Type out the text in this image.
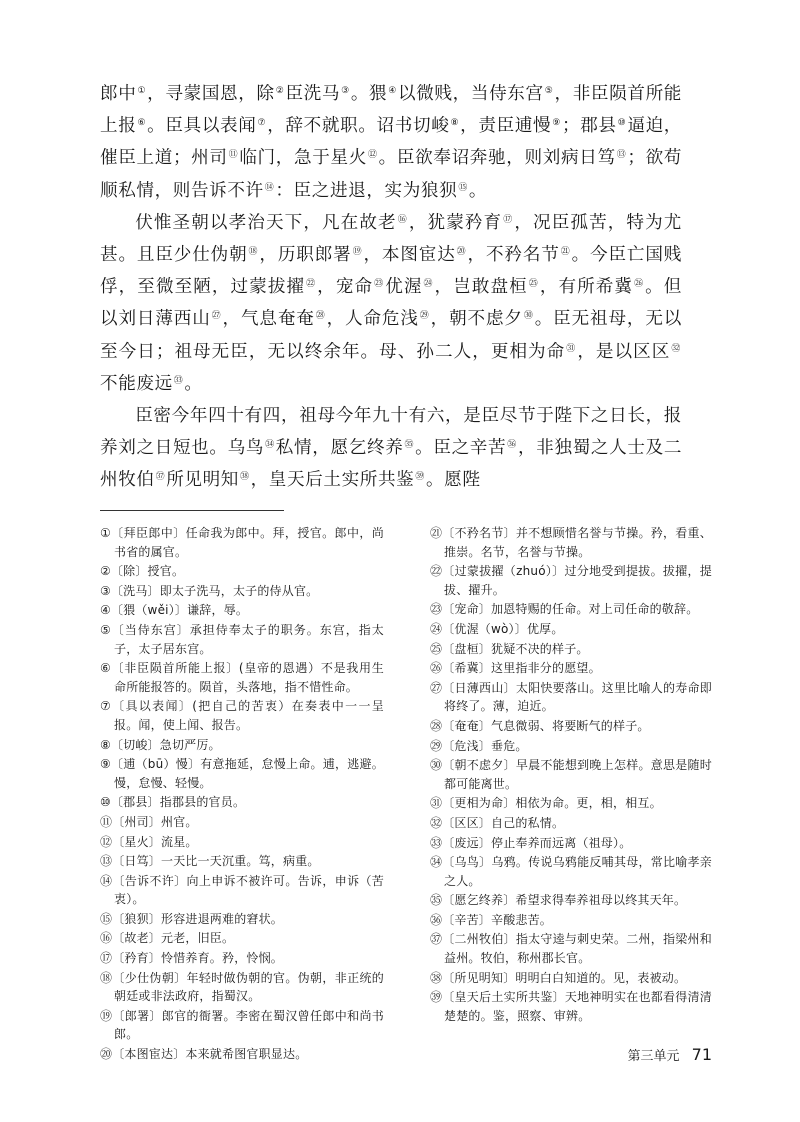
郎中①，寻蒙国恩，除②臣洗马③。猥④以微贱，当侍东宫⑤，非臣陨首所能上报⑥。臣具以表闻⑦，辞不就职。诏书切峻⑧，责臣逋慢⑨；郡县⑩逼迫，催臣上道；州司⑪临门，急于星火⑫。臣欲奉诏奔驰，则刘病日笃⑬；欲苟顺私情，则告诉不许⑭：臣之进退，实为狼狈⑮。

伏惟圣朝以孝治天下，凡在故老⑯，犹蒙矜育⑰，况臣孤苦，特为尤甚。且臣少仕伪朝⑱，历职郎署⑲，本图宦达⑳，不矜名节$^㉑$。今臣亡国贱俘，至微至陋，过蒙拔擢$^㉒$，宠命$^㉓$优渥$^㉔$，岂敢盘桓$^㉕$，有所希冀$^㉖$。但以刘日薄西山$^㉗$，气息奄奄$^㉘$，人命危浅$^㉙$，朝不虑夕$^㉚$。臣无祖母，无以至今日；祖母无臣，无以终余年。母、孙二人，更相为命$^㉛$，是以区区$^㉜$不能废远$^㉝$。

臣密今年四十有四，祖母今年九十有六，是臣尽节于陛下之日长，报养刘之日短也。乌鸟$^㉞$私情，愿乞终养$^㉟$。臣之辛苦$^㊱$，非独蜀之人士及二州牧伯$^㊲$所见明知$^㊳$，皇天后土实所共鉴$^㊴$。愿陛

①〔拜臣郎中〕任命我为郎中。拜，授官。郎中，尚书省的属官。
②〔除〕授官。
③〔洗马〕即太子洗马，太子的侍从官。
④〔猥（wěi）〕谦辞，辱。
⑤〔当侍东宫〕承担侍奉太子的职务。东宫，指太子，太子居东宫。
⑥〔非臣陨首所能上报〕(皇帝的恩遇）不是我用生命所能报答的。陨首，头落地，指不惜性命。
⑦〔具以表闻〕(把自己的苦衷）在奏表中一一呈报。闻，使上闻、报告。
⑧〔切峻〕急切严厉。
⑨〔逋（bū）慢〕有意拖延，怠慢上命。逋，逃避。慢，怠慢、轻慢。
⑩〔郡县〕指郡县的官员。
⑪〔州司〕州官。
⑫〔星火〕流星。
⑬〔日笃〕一天比一天沉重。笃，病重。
⑭〔告诉不许〕向上申诉不被许可。告诉，申诉（苦衷）。
⑮〔狼狈〕形容进退两难的窘状。
⑯〔故老〕元老，旧臣。
⑰〔矜育〕怜惜养育。矜，怜悯。
⑱〔少仕伪朝〕年轻时做伪朝的官。伪朝，非正统的朝廷或非法政府，指蜀汉。
⑲〔郎署〕郎官的衙署。李密在蜀汉曾任郎中和尚书郎。
⑳〔本图宦达〕本来就希图官职显达。
㉑〔不矜名节〕并不想顾惜名誉与节操。矜，看重、推崇。名节，名誉与节操。
㉒〔过蒙拔擢（zhuó）〕过分地受到提拔。拔擢，提拔、擢升。
㉓〔宠命〕加恩特赐的任命。对上司任命的敬辞。
㉔〔优渥（wò）〕优厚。
㉕〔盘桓〕犹疑不决的样子。
㉖〔希冀〕这里指非分的愿望。
㉗〔日薄西山〕太阳快要落山。这里比喻人的寿命即将终了。薄，迫近。
㉘〔奄奄〕气息微弱、将要断气的样子。
㉙〔危浅〕垂危。
㉚〔朝不虑夕〕早晨不能想到晚上怎样。意思是随时都可能离世。
㉛〔更相为命〕相依为命。更，相，相互。
㉜〔区区〕自己的私情。
㉝〔废远〕停止奉养而远离（祖母）。
㉞〔乌鸟〕乌鸦。传说乌鸦能反哺其母，常比喻孝亲之人。
㉟〔愿乞终养〕希望求得奉养祖母以终其天年。
㊱〔辛苦〕辛酸悲苦。
㊲〔二州牧伯〕指太守逵与刺史荣。二州，指梁州和益州。牧伯，称州郡长官。
㊳〔所见明知〕明明白白知道的。见，表被动。
㊴〔皇天后土实所共鉴〕天地神明实在也都看得清清楚楚的。鉴，照察、审辨。
第三单元 71
